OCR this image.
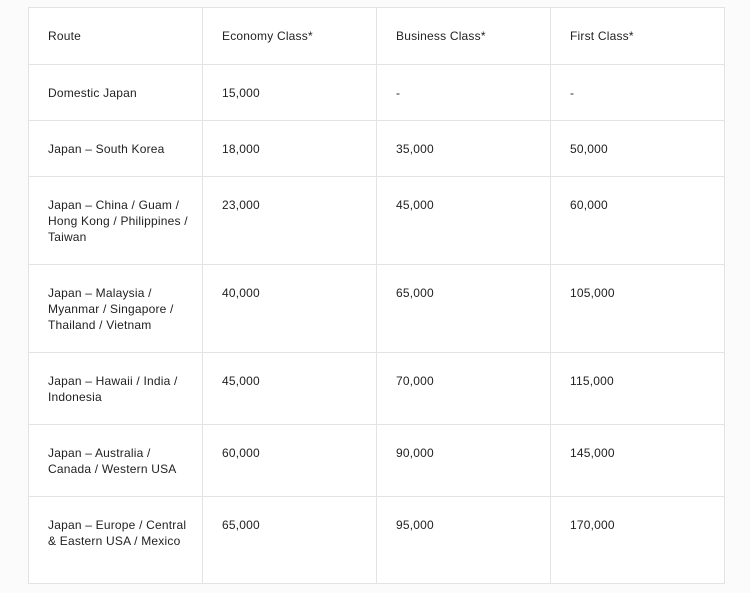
Route	Economy Class*	Business Class*	First Class*
Domestic Japan	15,000	-	-
Japan – South Korea	18,000	35,000	50,000
Japan – China / Guam / Hong Kong / Philippines / Taiwan	23,000	45,000	60,000
Japan – Malaysia / Myanmar / Singapore / Thailand / Vietnam	40,000	65,000	105,000
Japan – Hawaii / India / Indonesia	45,000	70,000	115,000
Japan – Australia / Canada / Western USA	60,000	90,000	145,000
Japan – Europe / Central & Eastern USA / Mexico	65,000	95,000	170,000
